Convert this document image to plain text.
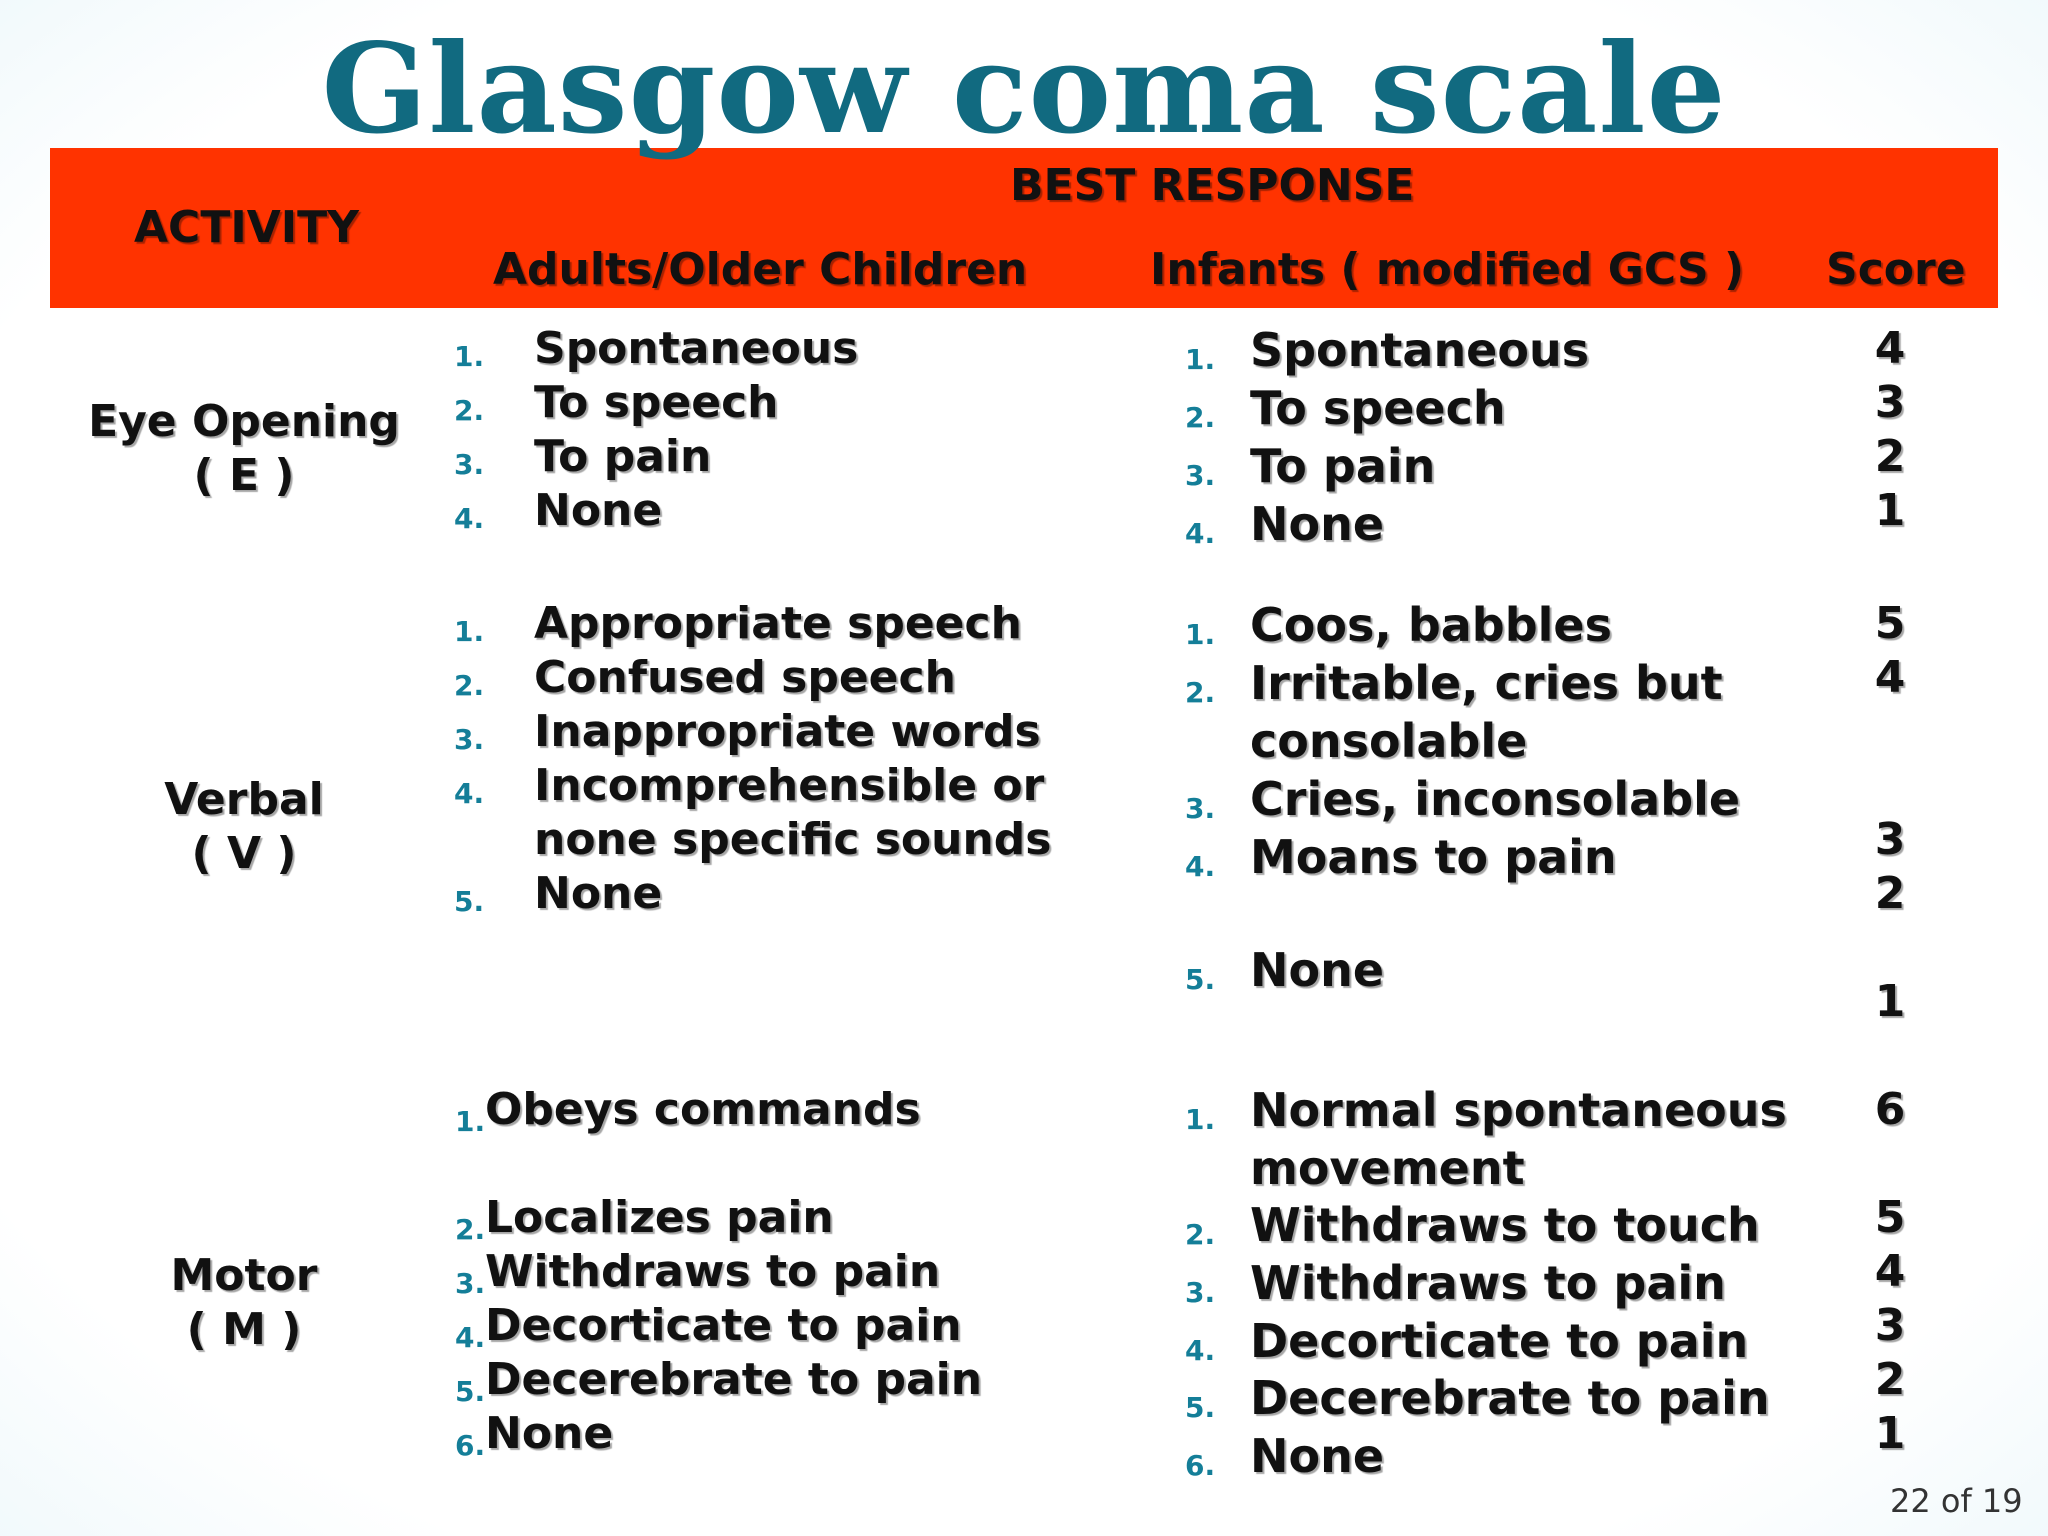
Glasgow coma scale
ACTIVITY
BEST RESPONSE
Adults/Older Children	Infants ( modified GCS ) Score
Eye Opening
( E )
1. Spontaneous
2. To speech
3. To pain
4. None
1. Spontaneous
2. To speech
3. To pain
4. None
4
3
2
1
Verbal
( V )
1. Appropriate speech
2. Confused speech
3. Inappropriate words
4. Incomprehensible or
none specific sounds
5. None
1. Coos, babbles
2. Irritable, cries but
consolable
3. Cries, inconsolable
4. Moans to pain
5. None
5
4
3
2
1
Motor
( M )
1. Obeys commands
2. Localizes pain
3. Withdraws to pain
4. Decorticate to pain
5. Decerebrate to pain
6. None
1. Normal spontaneous
movement
2. Withdraws to touch
3. Withdraws to pain
4. Decorticate to pain
5. Decerebrate to pain
6. None
6
5
4
3
2
1
22 of 19
